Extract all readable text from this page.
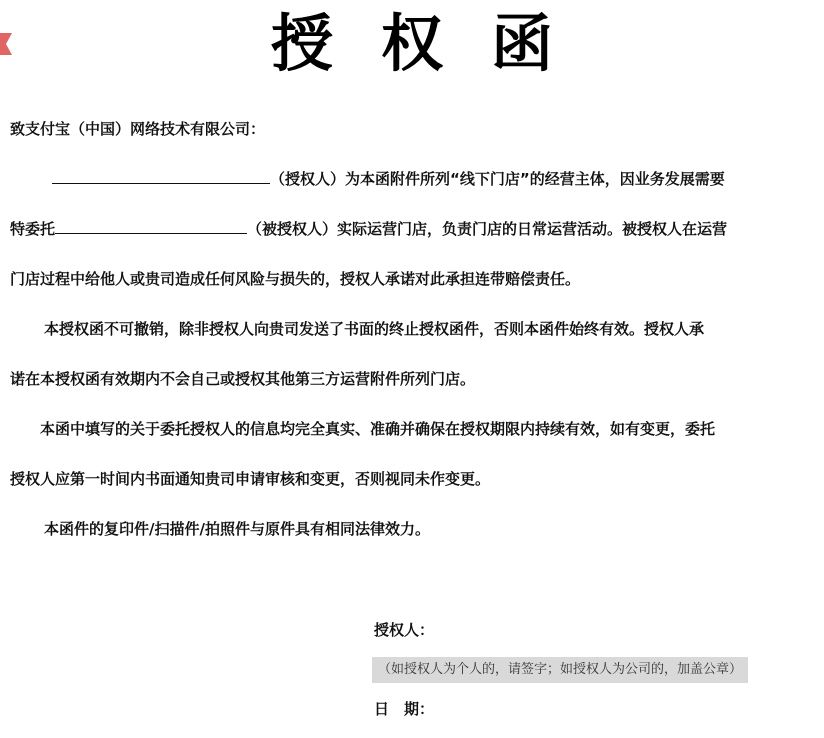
授权函
致支付宝（中国）网络技术有限公司：
（授权人）为本函附件所列“线下门店”的经营主体，因业务发展需要
特委托	（被授权人）实际运营门店，负责门店的日常运营活动。被授权人在运营
门店过程中给他人或贵司造成任何风险与损失的，授权人承诺对此承担连带赔偿责任。
本授权函不可撤销，除非授权人向贵司发送了书面的终止授权函件，否则本函件始终有效。授权人承
诺在本授权函有效期内不会自己或授权其他第三方运营附件所列门店。
本函中填写的关于委托授权人的信息均完全真实、准确并确保在授权期限内持续有效，如有变更，委托
授权人应第一时间内书面通知贵司申请审核和变更，否则视同未作变更。
本函件的复印件/扫描件/拍照件与原件具有相同法律效力。
授权人：
（如授权人为个人的，请签字；如授权人为公司的，加盖公章）
日　期：
